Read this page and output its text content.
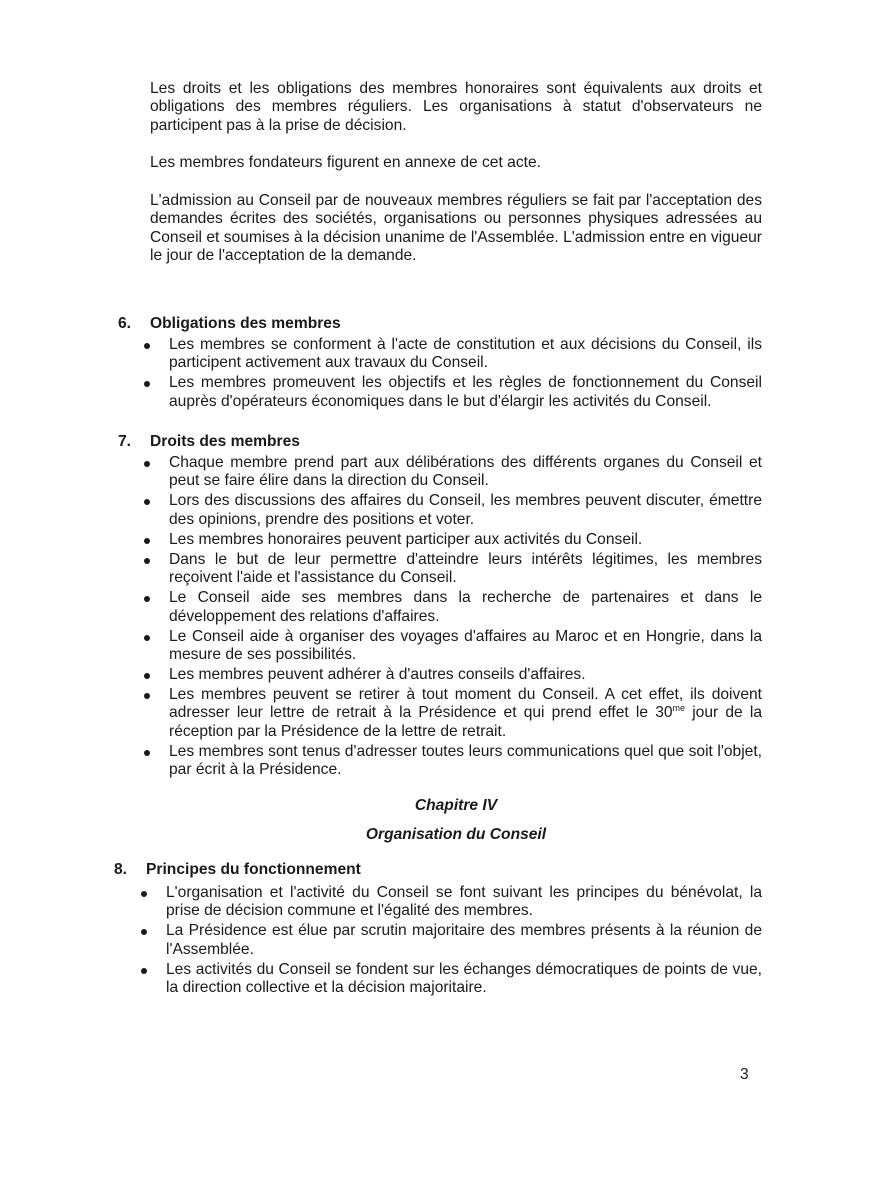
Les droits et les obligations des membres honoraires sont équivalents aux droits et obligations des membres réguliers. Les organisations à statut d'observateurs ne participent pas à la prise de décision.

Les membres fondateurs figurent en annexe de cet acte.

L'admission au Conseil par de nouveaux membres réguliers se fait par l'acceptation des demandes écrites des sociétés, organisations ou personnes physiques adressées au Conseil et soumises à la décision unanime de l'Assemblée. L'admission entre en vigueur le jour de l'acceptation de la demande.

6. Obligations des membres
Les membres se conforment à l'acte de constitution et aux décisions du Conseil, ils participent activement aux travaux du Conseil.
Les membres promeuvent les objectifs et les règles de fonctionnement du Conseil auprès d'opérateurs économiques dans le but d'élargir les activités du Conseil.
7. Droits des membres
Chaque membre prend part aux délibérations des différents organes du Conseil et peut se faire élire dans la direction du Conseil.
Lors des discussions des affaires du Conseil, les membres peuvent discuter, émettre des opinions, prendre des positions et voter.
Les membres honoraires peuvent participer aux activités du Conseil.
Dans le but de leur permettre d'atteindre leurs intérêts légitimes, les membres reçoivent l'aide et l'assistance du Conseil.
Le Conseil aide ses membres dans la recherche de partenaires et dans le développement des relations d'affaires.
Le Conseil aide à organiser des voyages d'affaires au Maroc et en Hongrie, dans la mesure de ses possibilités.
Les membres peuvent adhérer à d'autres conseils d'affaires.
Les membres peuvent se retirer à tout moment du Conseil. A cet effet, ils doivent adresser leur lettre de retrait à la Présidence et qui prend effet le $30^{me}$ jour de la réception par la Présidence de la lettre de retrait.
Les membres sont tenus d'adresser toutes leurs communications quel que soit l'objet, par écrit à la Présidence.

Chapitre IV

Organisation du Conseil

8. Principes du fonctionnement
L'organisation et l'activité du Conseil se font suivant les principes du bénévolat, la prise de décision commune et l'égalité des membres.
La Présidence est élue par scrutin majoritaire des membres présents à la réunion de l'Assemblée.
Les activités du Conseil se fondent sur les échanges démocratiques de points de vue, la direction collective et la décision majoritaire.
3
